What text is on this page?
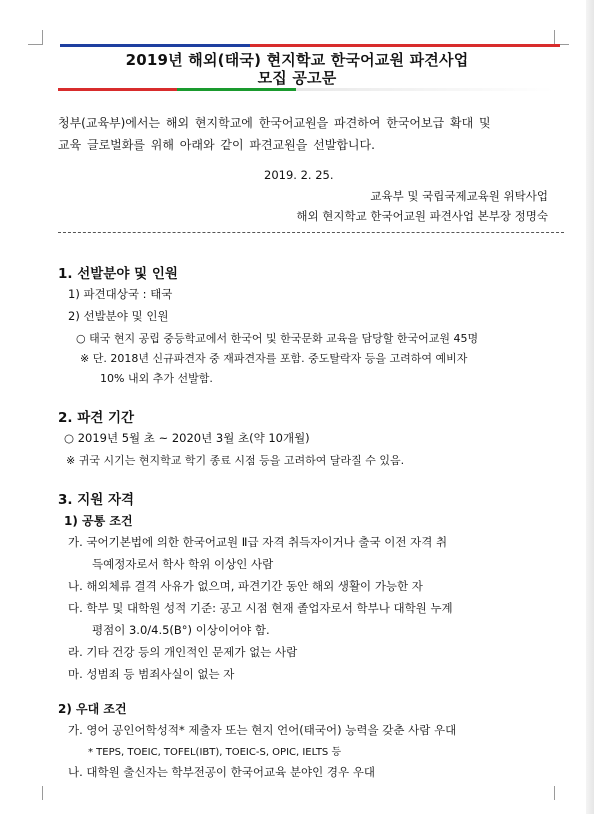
2019년 해외(태국) 현지학교 한국어교원 파견사업
모집 공고문
청부(교육부)에서는 해외 현지학교에 한국어교원을 파견하여 한국어보급 확대 및
교육 글로벌화를 위해 아래와 같이 파견교원을 선발합니다.
2019. 2. 25.
교육부 및 국립국제교육원 위탁사업
해외 현지학교 한국어교원 파견사업 본부장 정명숙
1. 선발분야 및 인원
1) 파견대상국 : 태국
2) 선발분야 및 인원
○ 태국 현지 공립 중등학교에서 한국어 및 한국문화 교육을 담당할 한국어교원 45명
※ 단. 2018년 신규파견자 중 재파견자를 포함. 중도탈락자 등을 고려하여 예비자
10% 내외 추가 선발함.
2. 파견 기간
○ 2019년 5월 초 ~ 2020년 3월 초(약 10개월)
※ 귀국 시기는 현지학교 학기 종료 시점 등을 고려하여 달라질 수 있음.
3. 지원 자격
1) 공통 조건
가. 국어기본법에 의한 한국어교원 Ⅱ급 자격 취득자이거나 출국 이전 자격 취
득예정자로서 학사 학위 이상인 사람
나. 해외체류 결격 사유가 없으며, 파견기간 동안 해외 생활이 가능한 자
다. 학부 및 대학원 성적 기준: 공고 시점 현재 졸업자로서 학부나 대학원 누계
평점이 3.0/4.5(B°) 이상이어야 함.
라. 기타 건강 등의 개인적인 문제가 없는 사람
마. 성범죄 등 범죄사실이 없는 자
2) 우대 조건
가. 영어 공인어학성적* 제출자 또는 현지 언어(태국어) 능력을 갖춘 사람 우대
* TEPS, TOEIC, TOFEL(IBT), TOEIC-S, OPIC, IELTS 등
나. 대학원 출신자는 학부전공이 한국어교육 분야인 경우 우대
